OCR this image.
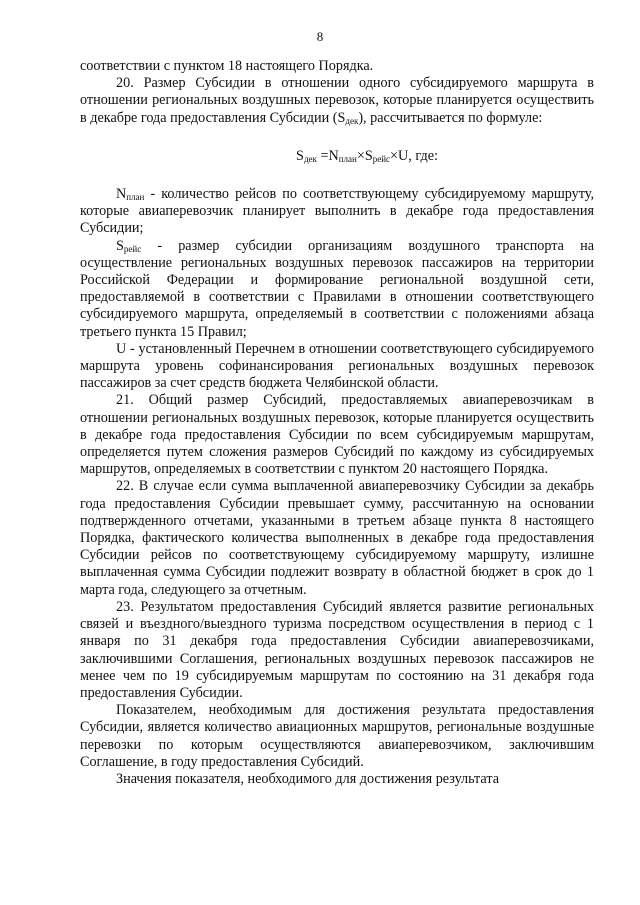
8

соответствии с пунктом 18 настоящего Порядка.

20. Размер Субсидии в отношении одного субсидируемого маршрута в отношении региональных воздушных перевозок, которые планируется осуществить в декабре года предоставления Субсидии $(S_{дек})$, рассчитывается по формуле:

$S_{дек} =N_{план}\times S_{рейс}\times U$, где:

$N_{план}$ - количество рейсов по соответствующему субсидируемому маршруту, которые авиаперевозчик планирует выполнить в декабре года предоставления Субсидии;

$S_{рейс}$ - размер субсидии организациям воздушного транспорта на осуществление региональных воздушных перевозок пассажиров на территории Российской Федерации и формирование региональной воздушной сети, предоставляемой в соответствии с Правилами в отношении соответствующего субсидируемого маршрута, определяемый в соответствии с положениями абзаца третьего пункта 15 Правил;

U - установленный Перечнем в отношении соответствующего субсидируемого маршрута уровень софинансирования региональных воздушных перевозок пассажиров за счет средств бюджета Челябинской области.

21. Общий размер Субсидий, предоставляемых авиаперевозчикам в отношении региональных воздушных перевозок, которые планируется осуществить в декабре года предоставления Субсидии по всем субсидируемым маршрутам, определяется путем сложения размеров Субсидий по каждому из субсидируемых маршрутов, определяемых в соответствии с пунктом 20 настоящего Порядка.

22. В случае если сумма выплаченной авиаперевозчику Субсидии за декабрь года предоставления Субсидии превышает сумму, рассчитанную на основании подтвержденного отчетами, указанными в третьем абзаце пункта 8 настоящего Порядка, фактического количества выполненных в декабре года предоставления Субсидии рейсов по соответствующему субсидируемому маршруту, излишне выплаченная сумма Субсидии подлежит возврату в областной бюджет в срок до 1 марта года, следующего за отчетным.

23. Результатом предоставления Субсидий является развитие региональных связей и въездного/выездного туризма посредством осуществления в период с 1 января по 31 декабря года предоставления Субсидии авиаперевозчиками, заключившими Соглашения, региональных воздушных перевозок пассажиров не менее чем по 19 субсидируемым маршрутам по состоянию на 31 декабря года предоставления Субсидии.

Показателем, необходимым для достижения результата предоставления Субсидии, является количество авиационных маршрутов, региональные воздушные перевозки по которым осуществляются авиаперевозчиком, заключившим Соглашение, в году предоставления Субсидий.

Значения показателя, необходимого для достижения результата
